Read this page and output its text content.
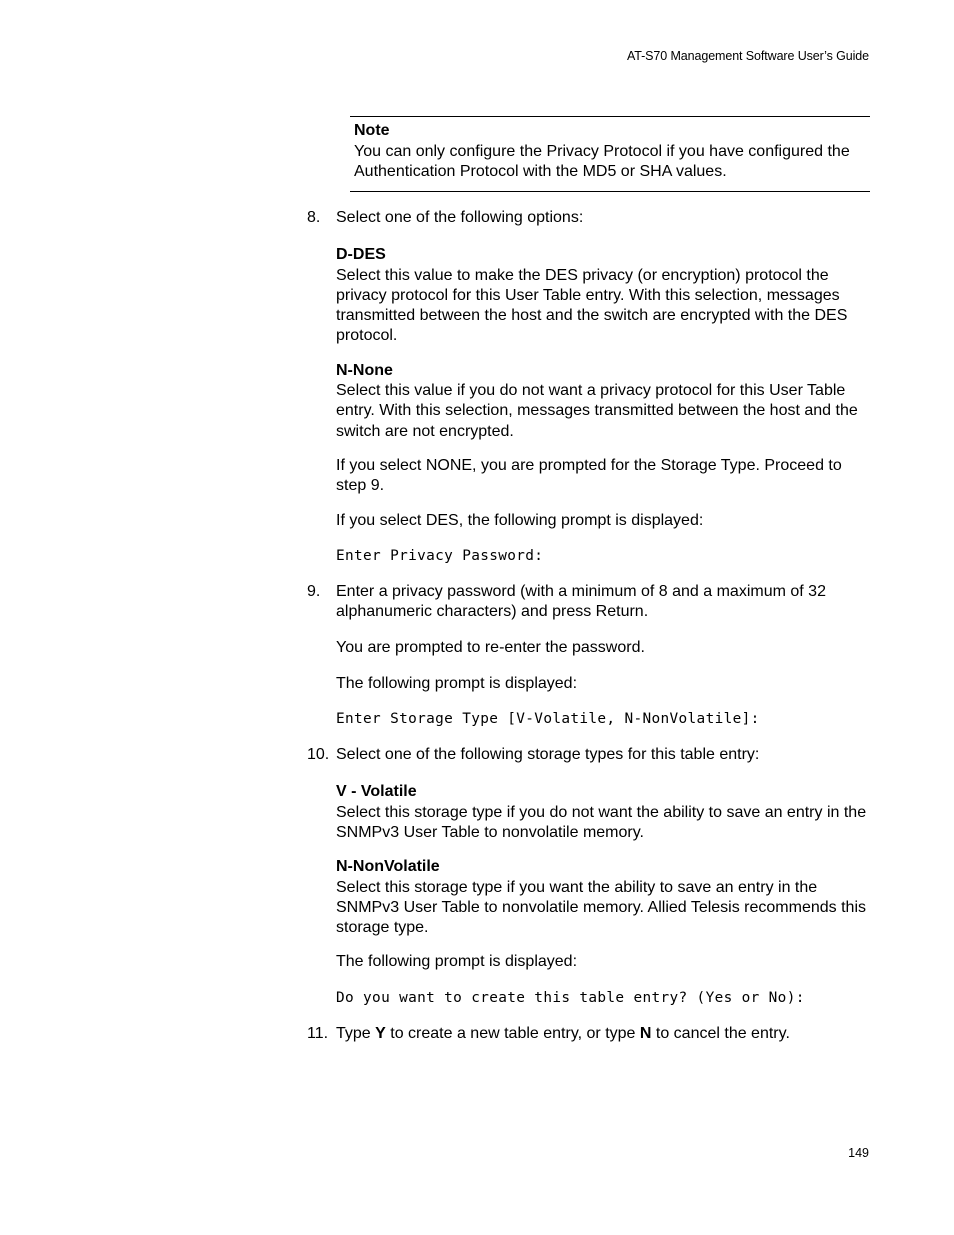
AT-S70 Management Software User’s Guide
Note
You can only configure the Privacy Protocol if you have configured the Authentication Protocol with the MD5 or SHA values.
8. Select one of the following options:
D-DES
Select this value to make the DES privacy (or encryption) protocol the privacy protocol for this User Table entry. With this selection, messages transmitted between the host and the switch are encrypted with the DES protocol.
N-None
Select this value if you do not want a privacy protocol for this User Table entry. With this selection, messages transmitted between the host and the switch are not encrypted.
If you select NONE, you are prompted for the Storage Type. Proceed to step 9.
If you select DES, the following prompt is displayed:
Enter Privacy Password:
9. Enter a privacy password (with a minimum of 8 and a maximum of 32 alphanumeric characters) and press Return.
You are prompted to re-enter the password.
The following prompt is displayed:
Enter Storage Type [V-Volatile, N-NonVolatile]:
10. Select one of the following storage types for this table entry:
V - Volatile
Select this storage type if you do not want the ability to save an entry in the SNMPv3 User Table to nonvolatile memory.
N-NonVolatile
Select this storage type if you want the ability to save an entry in the SNMPv3 User Table to nonvolatile memory. Allied Telesis recommends this storage type.
The following prompt is displayed:
Do you want to create this table entry? (Yes or No):
11. Type Y to create a new table entry, or type N to cancel the entry.
149
